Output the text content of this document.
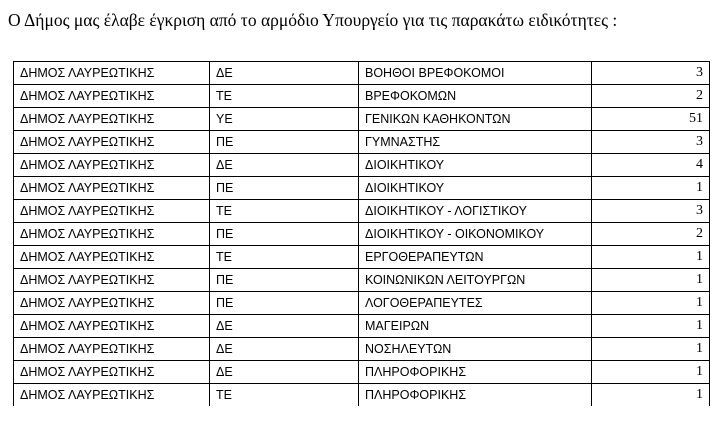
Ο Δήμος μας έλαβε έγκριση από το αρμόδιο Υπουργείο για τις παρακάτω ειδικότητες :
ΔΗΜΟΣ ΛΑΥΡΕΩΤΙΚΗΣ	ΔΕ	ΒΟΗΘΟΙ ΒΡΕΦΟΚΟΜΟΙ	3
ΔΗΜΟΣ ΛΑΥΡΕΩΤΙΚΗΣ	ΤΕ	ΒΡΕΦΟΚΟΜΩΝ	2
ΔΗΜΟΣ ΛΑΥΡΕΩΤΙΚΗΣ	ΥΕ	ΓΕΝΙΚΩΝ ΚΑΘΗΚΟΝΤΩΝ	51
ΔΗΜΟΣ ΛΑΥΡΕΩΤΙΚΗΣ	ΠΕ	ΓΥΜΝΑΣΤΗΣ	3
ΔΗΜΟΣ ΛΑΥΡΕΩΤΙΚΗΣ	ΔΕ	ΔΙΟΙΚΗΤΙΚΟΥ	4
ΔΗΜΟΣ ΛΑΥΡΕΩΤΙΚΗΣ	ΠΕ	ΔΙΟΙΚΗΤΙΚΟΥ	1
ΔΗΜΟΣ ΛΑΥΡΕΩΤΙΚΗΣ	ΤΕ	ΔΙΟΙΚΗΤΙΚΟΥ - ΛΟΓΙΣΤΙΚΟΥ	3
ΔΗΜΟΣ ΛΑΥΡΕΩΤΙΚΗΣ	ΠΕ	ΔΙΟΙΚΗΤΙΚΟΥ - ΟΙΚΟΝΟΜΙΚΟΥ	2
ΔΗΜΟΣ ΛΑΥΡΕΩΤΙΚΗΣ	ΤΕ	ΕΡΓΟΘΕΡΑΠΕΥΤΩΝ	1
ΔΗΜΟΣ ΛΑΥΡΕΩΤΙΚΗΣ	ΠΕ	ΚΟΙΝΩΝΙΚΩΝ ΛΕΙΤΟΥΡΓΩΝ	1
ΔΗΜΟΣ ΛΑΥΡΕΩΤΙΚΗΣ	ΠΕ	ΛΟΓΟΘΕΡΑΠΕΥΤΕΣ	1
ΔΗΜΟΣ ΛΑΥΡΕΩΤΙΚΗΣ	ΔΕ	ΜΑΓΕΙΡΩΝ	1
ΔΗΜΟΣ ΛΑΥΡΕΩΤΙΚΗΣ	ΔΕ	ΝΟΣΗΛΕΥΤΩΝ	1
ΔΗΜΟΣ ΛΑΥΡΕΩΤΙΚΗΣ	ΔΕ	ΠΛΗΡΟΦΟΡΙΚΗΣ	1
ΔΗΜΟΣ ΛΑΥΡΕΩΤΙΚΗΣ	ΤΕ	ΠΛΗΡΟΦΟΡΙΚΗΣ	1
